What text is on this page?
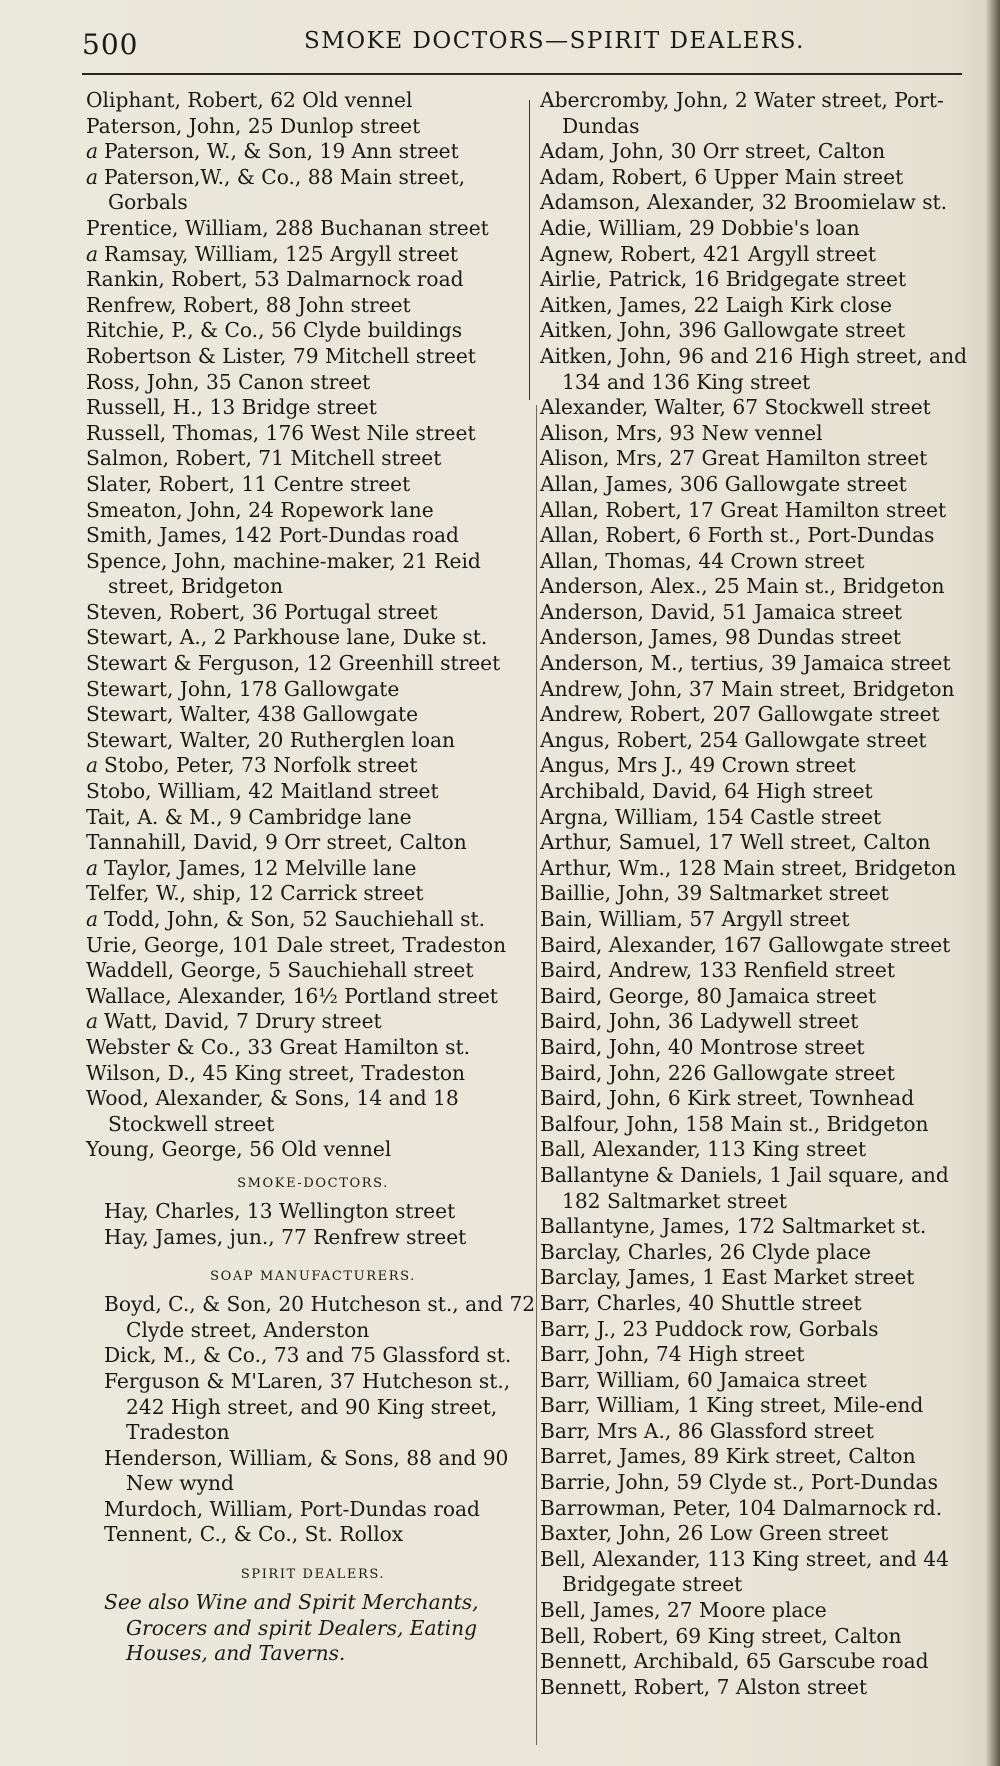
500	SMOKE DOCTORS—SPIRIT DEALERS.
Oliphant, Robert, 62 Old vennel
Paterson, John, 25 Dunlop street
a Paterson, W., & Son, 19 Ann street
a Paterson,W., & Co., 88 Main street, Gorbals
Prentice, William, 288 Buchanan street
a Ramsay, William, 125 Argyll street
Rankin, Robert, 53 Dalmarnock road
Renfrew, Robert, 88 John street
Ritchie, P., & Co., 56 Clyde buildings
Robertson & Lister, 79 Mitchell street
Ross, John, 35 Canon street
Russell, H., 13 Bridge street
Russell, Thomas, 176 West Nile street
Salmon, Robert, 71 Mitchell street
Slater, Robert, 11 Centre street
Smeaton, John, 24 Ropework lane
Smith, James, 142 Port-Dundas road
Spence, John, machine-maker, 21 Reid street, Bridgeton
Steven, Robert, 36 Portugal street
Stewart, A., 2 Parkhouse lane, Duke st.
Stewart & Ferguson, 12 Greenhill street
Stewart, John, 178 Gallowgate
Stewart, Walter, 438 Gallowgate
Stewart, Walter, 20 Rutherglen loan
a Stobo, Peter, 73 Norfolk street
Stobo, William, 42 Maitland street
Tait, A. & M., 9 Cambridge lane
Tannahill, David, 9 Orr street, Calton
a Taylor, James, 12 Melville lane
Telfer, W., ship, 12 Carrick street
a Todd, John, & Son, 52 Sauchiehall st.
Urie, George, 101 Dale street, Tradeston
Waddell, George, 5 Sauchiehall street
Wallace, Alexander, 16½ Portland street
a Watt, David, 7 Drury street
Webster & Co., 33 Great Hamilton st.
Wilson, D., 45 King street, Tradeston
Wood, Alexander, & Sons, 14 and 18 Stockwell street
Young, George, 56 Old vennel
SMOKE-DOCTORS.
Hay, Charles, 13 Wellington street
Hay, James, jun., 77 Renfrew street
SOAP MANUFACTURERS.
Boyd, C., & Son, 20 Hutcheson st., and 72 Clyde street, Anderston
Dick, M., & Co., 73 and 75 Glassford st.
Ferguson & M'Laren, 37 Hutcheson st., 242 High street, and 90 King street, Tradeston
Henderson, William, & Sons, 88 and 90 New wynd
Murdoch, William, Port-Dundas road
Tennent, C., & Co., St. Rollox
SPIRIT DEALERS.
See also Wine and Spirit Merchants, Grocers and spirit Dealers, Eating Houses, and Taverns.
Abercromby, John, 2 Water street, Port-Dundas
Adam, John, 30 Orr street, Calton
Adam, Robert, 6 Upper Main street
Adamson, Alexander, 32 Broomielaw st.
Adie, William, 29 Dobbie's loan
Agnew, Robert, 421 Argyll street
Airlie, Patrick, 16 Bridgegate street
Aitken, James, 22 Laigh Kirk close
Aitken, John, 396 Gallowgate street
Aitken, John, 96 and 216 High street, and 134 and 136 King street
Alexander, Walter, 67 Stockwell street
Alison, Mrs, 93 New vennel
Alison, Mrs, 27 Great Hamilton street
Allan, James, 306 Gallowgate street
Allan, Robert, 17 Great Hamilton street
Allan, Robert, 6 Forth st., Port-Dundas
Allan, Thomas, 44 Crown street
Anderson, Alex., 25 Main st., Bridgeton
Anderson, David, 51 Jamaica street
Anderson, James, 98 Dundas street
Anderson, M., tertius, 39 Jamaica street
Andrew, John, 37 Main street, Bridgeton
Andrew, Robert, 207 Gallowgate street
Angus, Robert, 254 Gallowgate street
Angus, Mrs J., 49 Crown street
Archibald, David, 64 High street
Argna, William, 154 Castle street
Arthur, Samuel, 17 Well street, Calton
Arthur, Wm., 128 Main street, Bridgeton
Baillie, John, 39 Saltmarket street
Bain, William, 57 Argyll street
Baird, Alexander, 167 Gallowgate street
Baird, Andrew, 133 Renfield street
Baird, George, 80 Jamaica street
Baird, John, 36 Ladywell street
Baird, John, 40 Montrose street
Baird, John, 226 Gallowgate street
Baird, John, 6 Kirk street, Townhead
Balfour, John, 158 Main st., Bridgeton
Ball, Alexander, 113 King street
Ballantyne & Daniels, 1 Jail square, and 182 Saltmarket street
Ballantyne, James, 172 Saltmarket st.
Barclay, Charles, 26 Clyde place
Barclay, James, 1 East Market street
Barr, Charles, 40 Shuttle street
Barr, J., 23 Puddock row, Gorbals
Barr, John, 74 High street
Barr, William, 60 Jamaica street
Barr, William, 1 King street, Mile-end
Barr, Mrs A., 86 Glassford street
Barret, James, 89 Kirk street, Calton
Barrie, John, 59 Clyde st., Port-Dundas
Barrowman, Peter, 104 Dalmarnock rd.
Baxter, John, 26 Low Green street
Bell, Alexander, 113 King street, and 44 Bridgegate street
Bell, James, 27 Moore place
Bell, Robert, 69 King street, Calton
Bennett, Archibald, 65 Garscube road
Bennett, Robert, 7 Alston street
